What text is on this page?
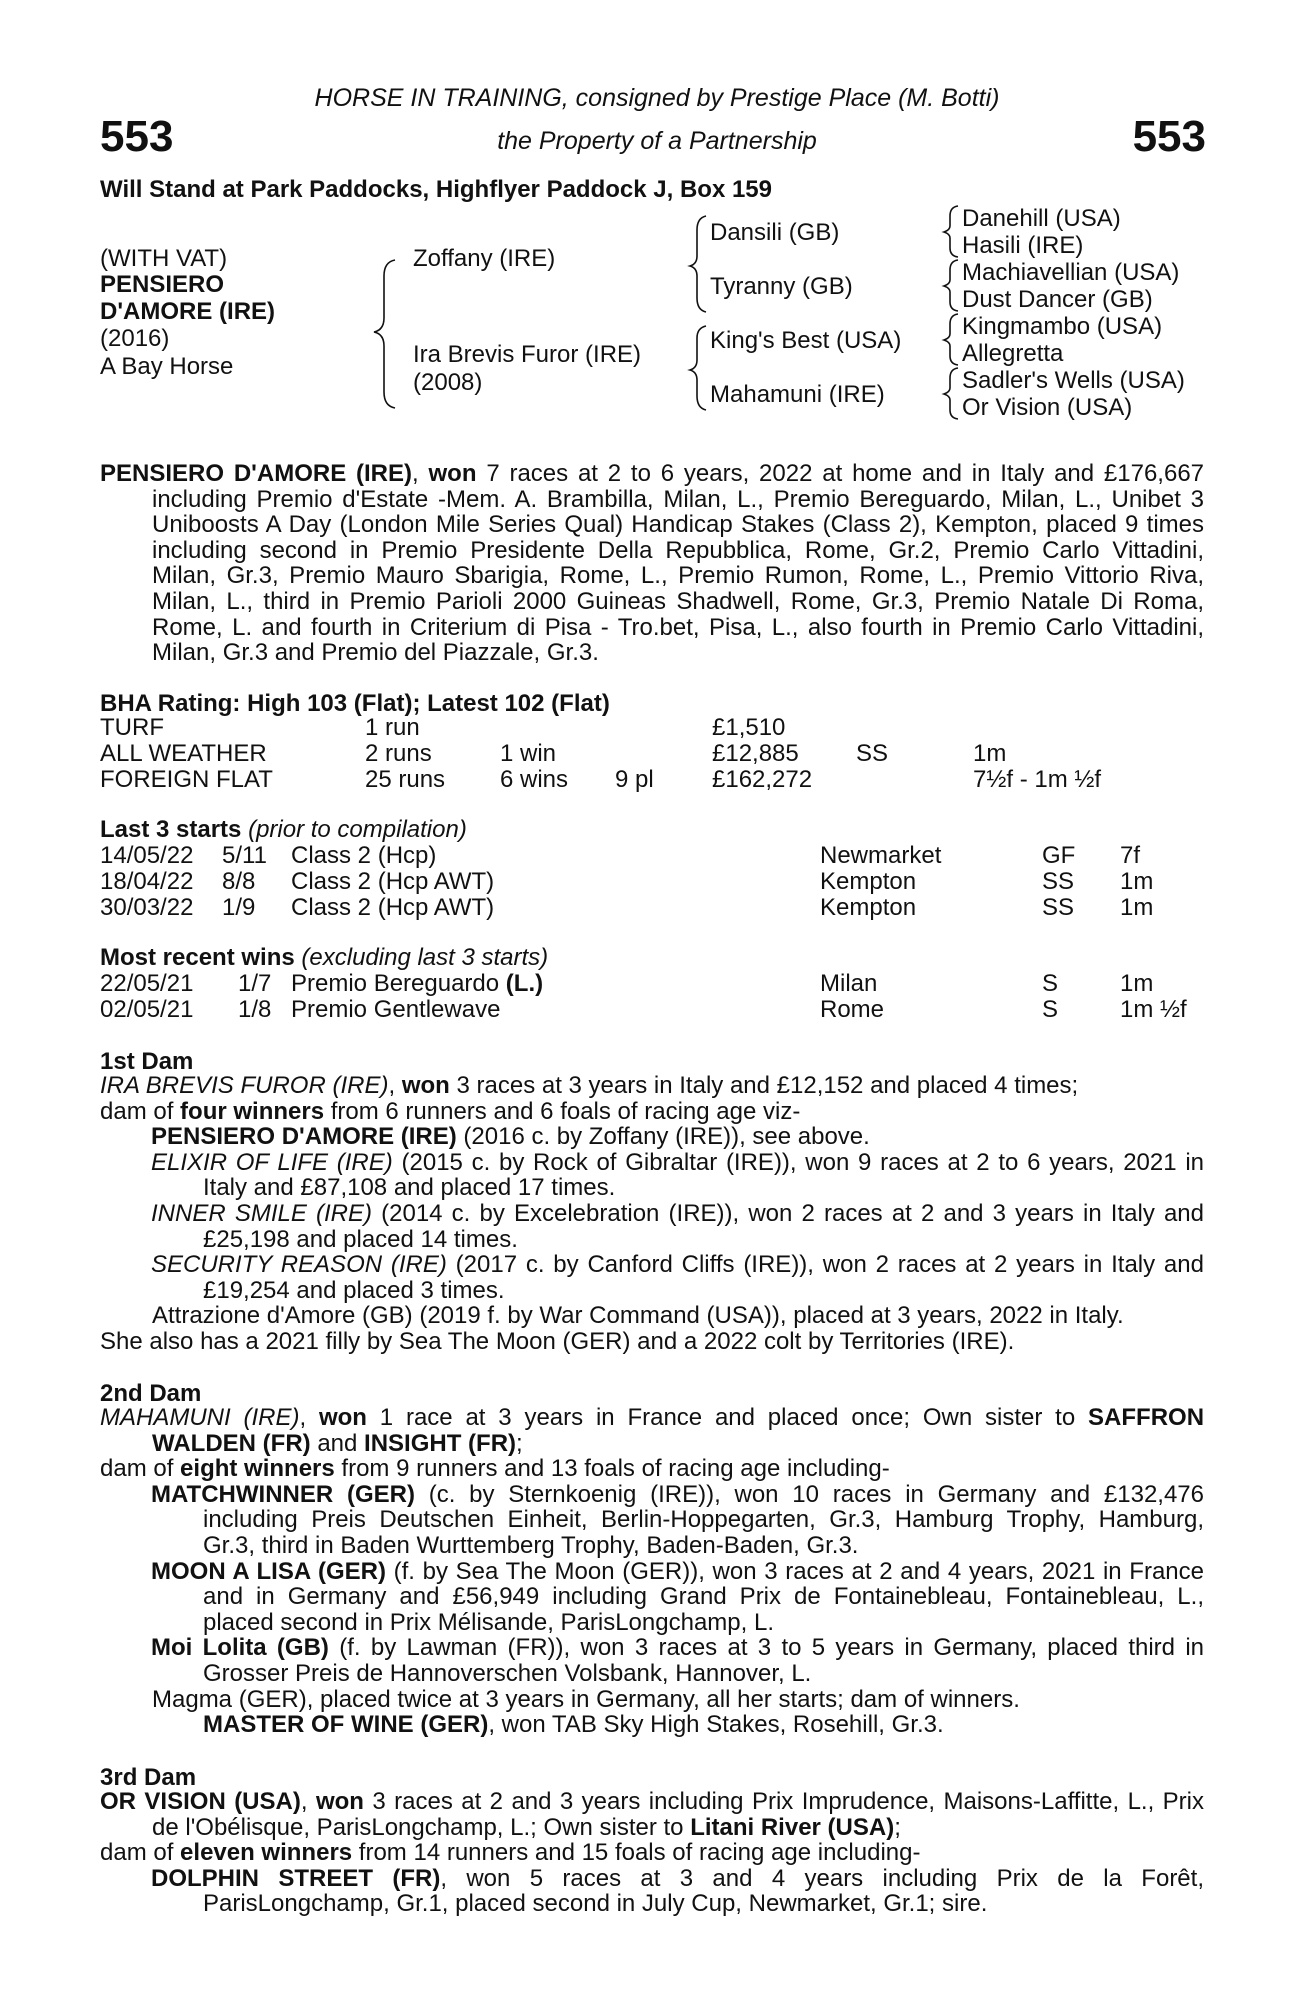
553	553
HORSE IN TRAINING, consigned by Prestige Place (M. Botti)
the Property of a Partnership
Will Stand at Park Paddocks, Highflyer Paddock J, Box 159
(WITH VAT)
PENSIERO
D'AMORE (IRE)
(2016)
A Bay Horse
Zoffany (IRE)
Ira Brevis Furor (IRE)
(2008)
Dansili (GB)
Tyranny (GB)
King's Best (USA)
Mahamuni (IRE)
Danehill (USA)
Hasili (IRE)
Machiavellian (USA)
Dust Dancer (GB)
Kingmambo (USA)
Allegretta
Sadler's Wells (USA)
Or Vision (USA)

PENSIERO D'AMORE (IRE), won 7 races at 2 to 6 years, 2022 at home and in Italy and £176,667 including Premio d'Estate -Mem. A. Brambilla, Milan, L., Premio Bereguardo, Milan, L., Unibet 3 Uniboosts A Day (London Mile Series Qual) Handicap Stakes (Class 2), Kempton, placed 9 times including second in Premio Presidente Della Repubblica, Rome, Gr.2, Premio Carlo Vittadini, Milan, Gr.3, Premio Mauro Sbarigia, Rome, L., Premio Rumon, Rome, L., Premio Vittorio Riva, Milan, L., third in Premio Parioli 2000 Guineas Shadwell, Rome, Gr.3, Premio Natale Di Roma, Rome, L. and fourth in Criterium di Pisa - Tro.bet, Pisa, L., also fourth in Premio Carlo Vittadini, Milan, Gr.3 and Premio del Piazzale, Gr.3.

BHA Rating: High 103 (Flat); Latest 102 (Flat)
TURF	1 run	£1,510
ALL WEATHER	2 runs	1 win	£12,885 SS	1m
FOREIGN FLAT	25 runs 6 wins 9 pl £162,272	7½f - 1m ½f
Last 3 starts (prior to compilation)
14/05/22 5/11 Class 2 (Hcp)	Newmarket	GF 7f
18/04/22 8/8 Class 2 (Hcp AWT)	Kempton	SS 1m
30/03/22 1/9 Class 2 (Hcp AWT)	Kempton	SS 1m
Most recent wins (excluding last 3 starts)
22/05/21 1/7 Premio Bereguardo (L.)	Milan	S	1m
02/05/21 1/8 Premio Gentlewave	Rome	S	1m ½f
1st Dam

IRA BREVIS FUROR (IRE), won 3 races at 3 years in Italy and £12,152 and placed 4 times;

dam of four winners from 6 runners and 6 foals of racing age viz-

PENSIERO D'AMORE (IRE) (2016 c. by Zoffany (IRE)), see above.

ELIXIR OF LIFE (IRE) (2015 c. by Rock of Gibraltar (IRE)), won 9 races at 2 to 6 years, 2021 in Italy and £87,108 and placed 17 times.

INNER SMILE (IRE) (2014 c. by Excelebration (IRE)), won 2 races at 2 and 3 years in Italy and £25,198 and placed 14 times.

SECURITY REASON (IRE) (2017 c. by Canford Cliffs (IRE)), won 2 races at 2 years in Italy and £19,254 and placed 3 times.

Attrazione d'Amore (GB) (2019 f. by War Command (USA)), placed at 3 years, 2022 in Italy.

She also has a 2021 filly by Sea The Moon (GER) and a 2022 colt by Territories (IRE).

2nd Dam

MAHAMUNI (IRE), won 1 race at 3 years in France and placed once; Own sister to SAFFRON WALDEN (FR) and INSIGHT (FR);

dam of eight winners from 9 runners and 13 foals of racing age including-

MATCHWINNER (GER) (c. by Sternkoenig (IRE)), won 10 races in Germany and £132,476 including Preis Deutschen Einheit, Berlin-Hoppegarten, Gr.3, Hamburg Trophy, Hamburg, Gr.3, third in Baden Wurttemberg Trophy, Baden-Baden, Gr.3.

MOON A LISA (GER) (f. by Sea The Moon (GER)), won 3 races at 2 and 4 years, 2021 in France and in Germany and £56,949 including Grand Prix de Fontainebleau, Fontainebleau, L., placed second in Prix Mélisande, ParisLongchamp, L.

Moi Lolita (GB) (f. by Lawman (FR)), won 3 races at 3 to 5 years in Germany, placed third in Grosser Preis de Hannoverschen Volsbank, Hannover, L.

Magma (GER), placed twice at 3 years in Germany, all her starts; dam of winners.

MASTER OF WINE (GER), won TAB Sky High Stakes, Rosehill, Gr.3.

3rd Dam

OR VISION (USA), won 3 races at 2 and 3 years including Prix Imprudence, Maisons-Laffitte, L., Prix de l'Obélisque, ParisLongchamp, L.; Own sister to Litani River (USA);

dam of eleven winners from 14 runners and 15 foals of racing age including-

DOLPHIN STREET (FR), won 5 races at 3 and 4 years including Prix de la Forêt, ParisLongchamp, Gr.1, placed second in July Cup, Newmarket, Gr.1; sire.
